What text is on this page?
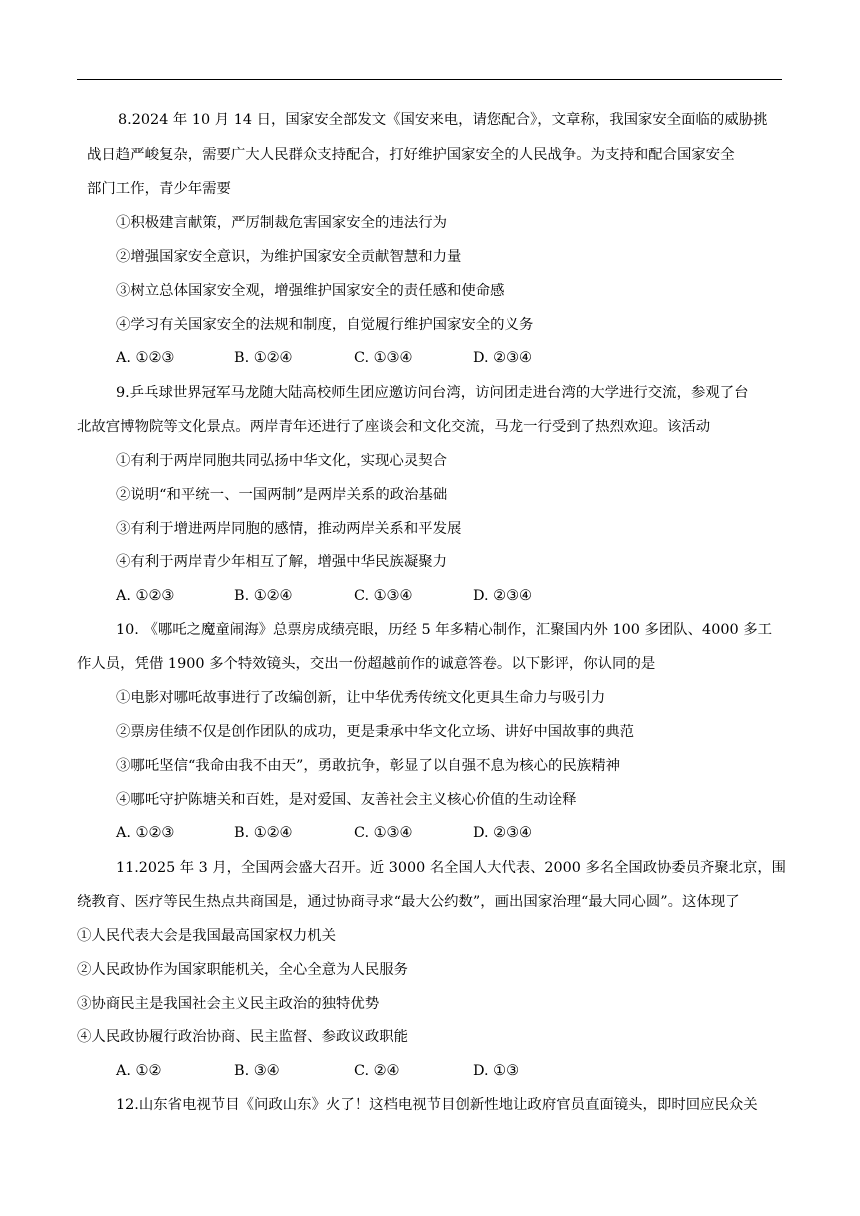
8.2024 年 10 月 14 日，国家安全部发文《国安来电，请您配合》，文章称，我国家安全面临的威胁挑
战日趋严峻复杂，需要广大人民群众支持配合，打好维护国家安全的人民战争。为支持和配合国家安全
部门工作，青少年需要
①积极建言献策，严厉制裁危害国家安全的违法行为
②增强国家安全意识，为维护国家安全贡献智慧和力量
③树立总体国家安全观，增强维护国家安全的责任感和使命感
④学习有关国家安全的法规和制度，自觉履行维护国家安全的义务
A. ①②③	B. ①②④	C. ①③④	D. ②③④
9.乒乓球世界冠军马龙随大陆高校师生团应邀访问台湾，访问团走进台湾的大学进行交流，参观了台
北故宫博物院等文化景点。两岸青年还进行了座谈会和文化交流，马龙一行受到了热烈欢迎。该活动
①有利于两岸同胞共同弘扬中华文化，实现心灵契合
②说明“和平统一、一国两制”是两岸关系的政治基础
③有利于增进两岸同胞的感情，推动两岸关系和平发展
④有利于两岸青少年相互了解，增强中华民族凝聚力
A. ①②③	B. ①②④	C. ①③④	D. ②③④
10. 《哪吒之魔童闹海》总票房成绩亮眼，历经 5 年多精心制作，汇聚国内外 100 多团队、4000 多工
作人员，凭借 1900 多个特效镜头，交出一份超越前作的诚意答卷。以下影评，你认同的是
①电影对哪吒故事进行了改编创新，让中华优秀传统文化更具生命力与吸引力
②票房佳绩不仅是创作团队的成功，更是秉承中华文化立场、讲好中国故事的典范
③哪吒坚信“我命由我不由天”，勇敢抗争，彰显了以自强不息为核心的民族精神
④哪吒守护陈塘关和百姓，是对爱国、友善社会主义核心价值的生动诠释
A. ①②③	B. ①②④	C. ①③④	D. ②③④
11.2025 年 3 月，全国两会盛大召开。近 3000 名全国人大代表、2000 多名全国政协委员齐聚北京，围
绕教育、医疗等民生热点共商国是，通过协商寻求“最大公约数”，画出国家治理“最大同心圆”。这体现了
①人民代表大会是我国最高国家权力机关
②人民政协作为国家职能机关，全心全意为人民服务
③协商民主是我国社会主义民主政治的独特优势
④人民政协履行政治协商、民主监督、参政议政职能
A. ①②	B. ③④	C. ②④	D. ①③
12.山东省电视节目《问政山东》火了！这档电视节目创新性地让政府官员直面镜头，即时回应民众关
